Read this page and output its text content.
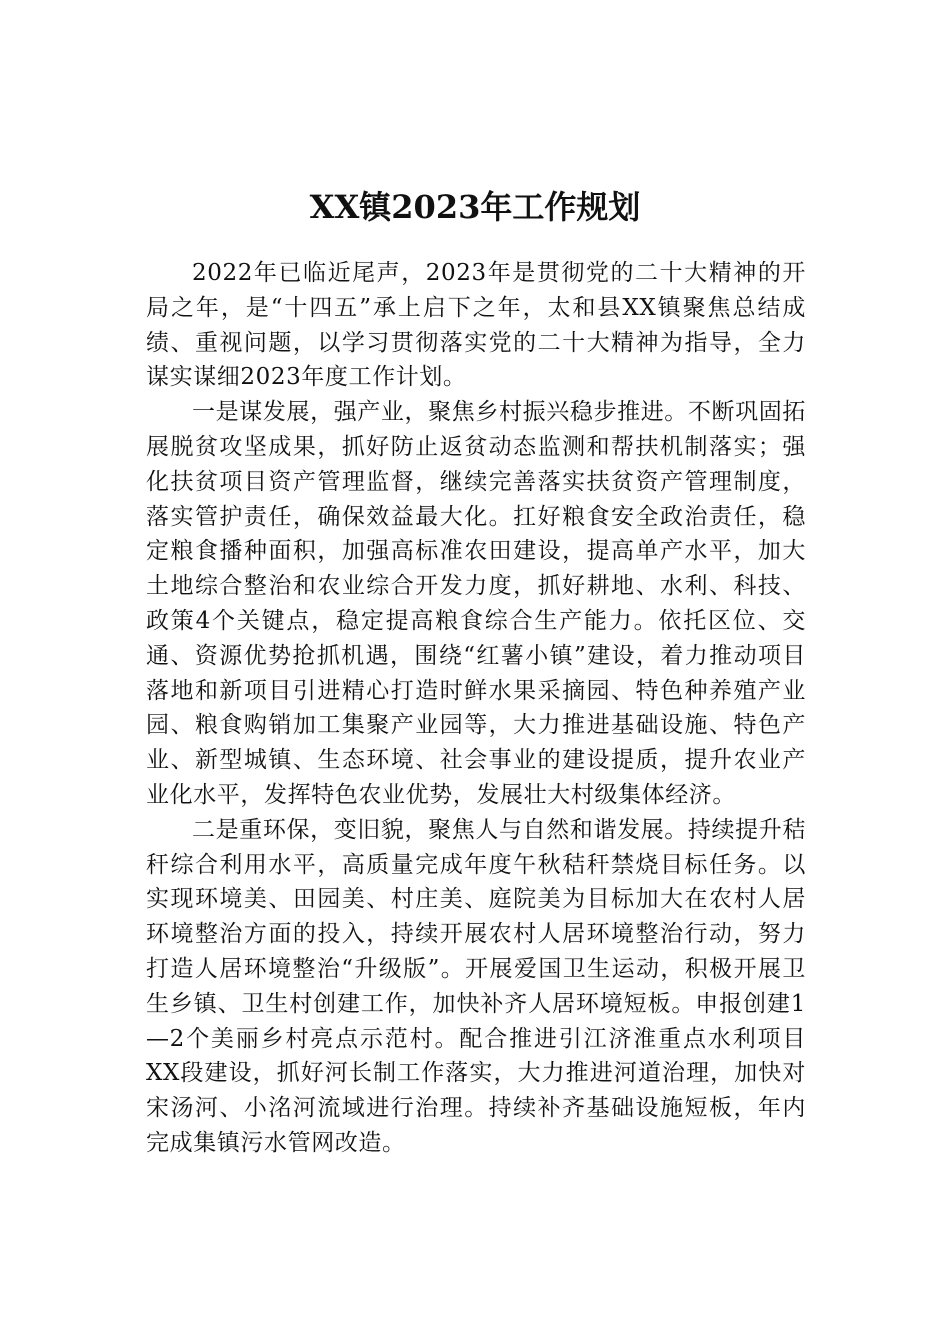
XX镇2023年工作规划

2022年已临近尾声，2023年是贯彻党的二十大精神的开局之年，是“十四五”承上启下之年，太和县XX镇聚焦总结成绩、重视问题，以学习贯彻落实党的二十大精神为指导，全力谋实谋细2023年度工作计划。

一是谋发展，强产业，聚焦乡村振兴稳步推进。不断巩固拓展脱贫攻坚成果，抓好防止返贫动态监测和帮扶机制落实；强化扶贫项目资产管理监督，继续完善落实扶贫资产管理制度，落实管护责任，确保效益最大化。扛好粮食安全政治责任，稳定粮食播种面积，加强高标准农田建设，提高单产水平，加大土地综合整治和农业综合开发力度，抓好耕地、水利、科技、政策4个关键点，稳定提高粮食综合生产能力。依托区位、交通、资源优势抢抓机遇，围绕“红薯小镇”建设，着力推动项目落地和新项目引进精心打造时鲜水果采摘园、特色种养殖产业园、粮食购销加工集聚产业园等，大力推进基础设施、特色产业、新型城镇、生态环境、社会事业的建设提质，提升农业产业化水平，发挥特色农业优势，发展壮大村级集体经济。

二是重环保，变旧貌，聚焦人与自然和谐发展。持续提升秸秆综合利用水平，高质量完成年度午秋秸秆禁烧目标任务。以实现环境美、田园美、村庄美、庭院美为目标加大在农村人居环境整治方面的投入，持续开展农村人居环境整治行动，努力打造人居环境整治“升级版”。开展爱国卫生运动，积极开展卫生乡镇、卫生村创建工作，加快补齐人居环境短板。申报创建1—2个美丽乡村亮点示范村。配合推进引江济淮重点水利项目XX段建设，抓好河长制工作落实，大力推进河道治理，加快对宋汤河、小洺河流域进行治理。持续补齐基础设施短板，年内完成集镇污水管网改造。
